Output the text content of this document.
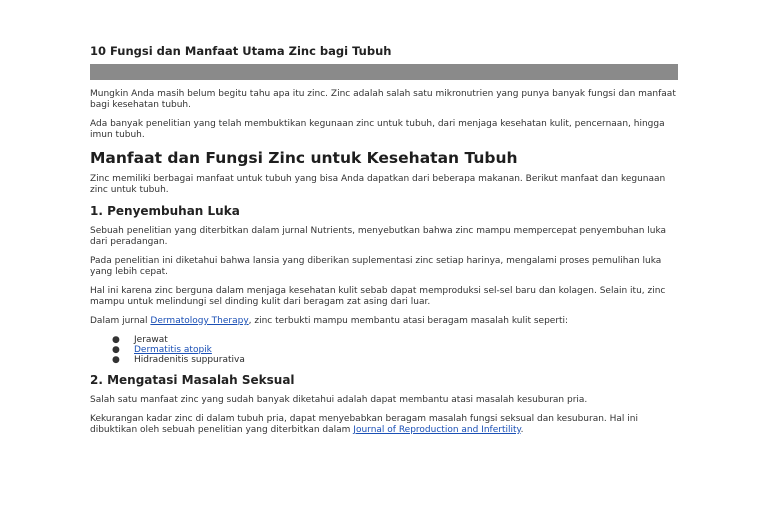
10 Fungsi dan Manfaat Utama Zinc bagi Tubuh

Mungkin Anda masih belum begitu tahu apa itu zinc. Zinc adalah salah satu mikronutrien yang punya banyak fungsi dan manfaat bagi kesehatan tubuh.

Ada banyak penelitian yang telah membuktikan kegunaan zinc untuk tubuh, dari menjaga kesehatan kulit, pencernaan, hingga imun tubuh.

Manfaat dan Fungsi Zinc untuk Kesehatan Tubuh

Zinc memiliki berbagai manfaat untuk tubuh yang bisa Anda dapatkan dari beberapa makanan. Berikut manfaat dan kegunaan zinc untuk tubuh.

1. Penyembuhan Luka

Sebuah penelitian yang diterbitkan dalam jurnal Nutrients, menyebutkan bahwa zinc mampu mempercepat penyembuhan luka dari peradangan.

Pada penelitian ini diketahui bahwa lansia yang diberikan suplementasi zinc setiap harinya, mengalami proses pemulihan luka yang lebih cepat.

Hal ini karena zinc berguna dalam menjaga kesehatan kulit sebab dapat memproduksi sel-sel baru dan kolagen. Selain itu, zinc mampu untuk melindungi sel dinding kulit dari beragam zat asing dari luar.

Dalam jurnal Dermatology Therapy, zinc terbukti mampu membantu atasi beragam masalah kulit seperti:

● Jerawat
● Dermatitis atopik
● Hidradenitis suppurativa
2. Mengatasi Masalah Seksual

Salah satu manfaat zinc yang sudah banyak diketahui adalah dapat membantu atasi masalah kesuburan pria.

Kekurangan kadar zinc di dalam tubuh pria, dapat menyebabkan beragam masalah fungsi seksual dan kesuburan. Hal ini dibuktikan oleh sebuah penelitian yang diterbitkan dalam Journal of Reproduction and Infertility.
